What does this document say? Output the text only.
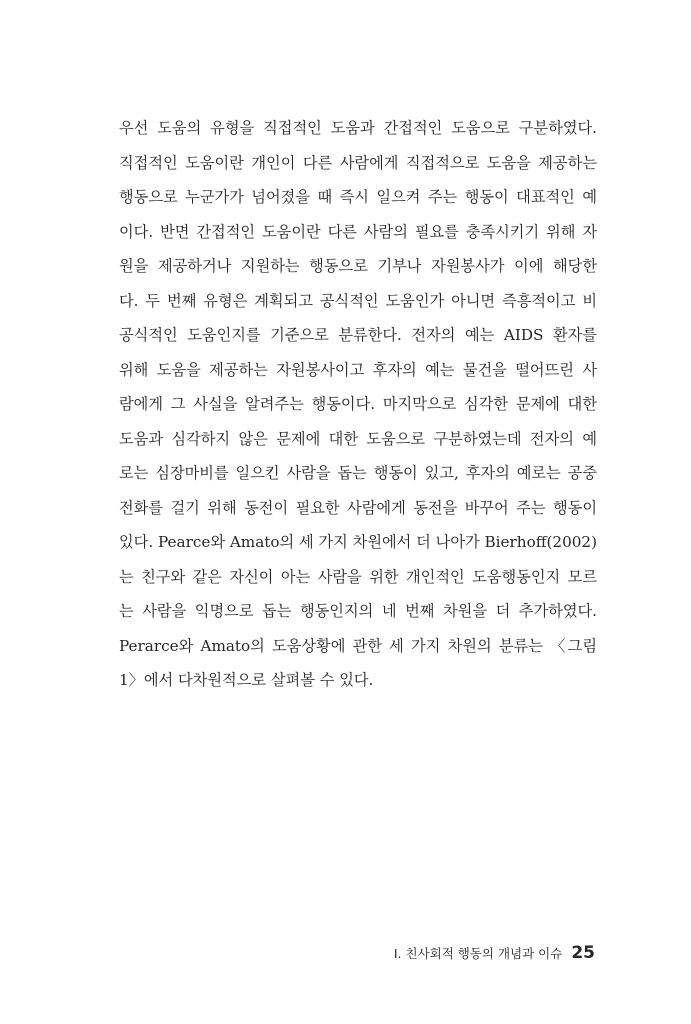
우선 도움의 유형을 직접적인 도움과 간접적인 도움으로 구분하였다.
직접적인 도움이란 개인이 다른 사람에게 직접적으로 도움을 제공하는
행동으로 누군가가 넘어졌을 때 즉시 일으켜 주는 행동이 대표적인 예
이다. 반면 간접적인 도움이란 다른 사람의 필요를 충족시키기 위해 자
원을 제공하거나 지원하는 행동으로 기부나 자원봉사가 이에 해당한
다. 두 번째 유형은 계획되고 공식적인 도움인가 아니면 즉흥적이고 비
공식적인 도움인지를 기준으로 분류한다. 전자의 예는 AIDS 환자를
위해 도움을 제공하는 자원봉사이고 후자의 예는 물건을 떨어뜨린 사
람에게 그 사실을 알려주는 행동이다. 마지막으로 심각한 문제에 대한
도움과 심각하지 않은 문제에 대한 도움으로 구분하였는데 전자의 예
로는 심장마비를 일으킨 사람을 돕는 행동이 있고, 후자의 예로는 공중
전화를 걸기 위해 동전이 필요한 사람에게 동전을 바꾸어 주는 행동이
있다. Pearce와 Amato의 세 가지 차원에서 더 나아가 Bierhoff(2002)
는 친구와 같은 자신이 아는 사람을 위한 개인적인 도움행동인지 모르
는 사람을 익명으로 돕는 행동인지의 네 번째 차원을 더 추가하였다.
Perarce와 Amato의 도움상황에 관한 세 가지 차원의 분류는 〈그림
1〉에서 다차원적으로 살펴볼 수 있다.
I. 친사회적 행동의 개념과 이슈 25
